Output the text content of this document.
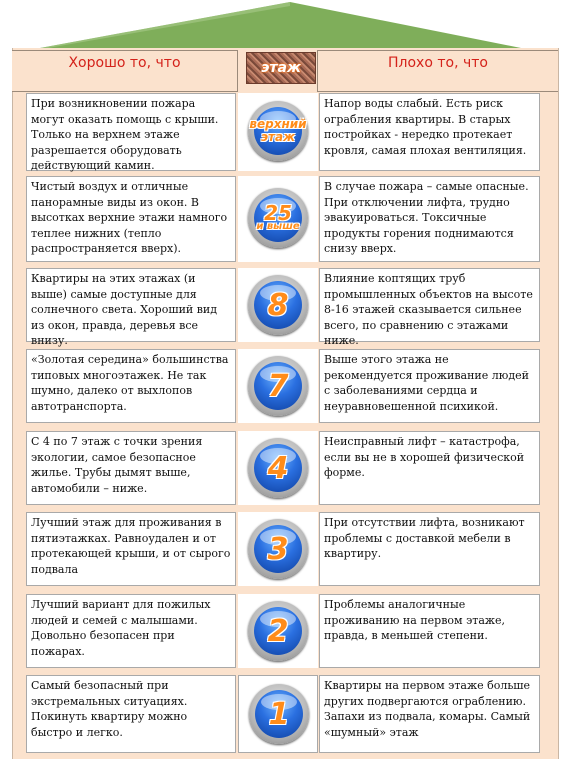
Хорошо то, что	этаж	Плохо то, что
При возникновении пожара могут оказать помощь с крыши. Только на верхнем этаже разрешается оборудовать действующий камин.
верхний
этаж
Напор воды слабый. Есть риск ограбления квартиры. В старых постройках - нередко протекает кровля, самая плохая вентиляция.
Чистый воздух и отличные панорамные виды из окон. В высотках верхние этажи намного теплее нижних (тепло распространяется вверх).
25
и выше
В случае пожара – самые опасные. При отключении лифта, трудно эвакуироваться. Токсичные продукты горения поднимаются снизу вверх.
Квартиры на этих этажах (и выше) самые доступные для солнечного света. Хороший вид из окон, правда, деревья все внизу.
8
Влияние коптящих труб промышленных объектов на высоте 8-16 этажей сказывается сильнее всего, по сравнению с этажами ниже.
«Золотая середина» большинства типовых многоэтажек. Не так шумно, далеко от выхлопов автотранспорта.
7
Выше этого этажа не рекомендуется проживание людей с заболеваниями сердца и неуравновешенной психикой.
С 4 по 7 этаж с точки зрения экологии, самое безопасное жилье. Трубы дымят выше, автомобили – ниже.
4
Неисправный лифт – катастрофа, если вы не в хорошей физической форме.
Лучший этаж для проживания в пятиэтажках. Равноудален и от протекающей крыши, и от сырого подвала
3
При отсутствии лифта, возникают проблемы с доставкой мебели в квартиру.
Лучший вариант для пожилых людей и семей с малышами. Довольно безопасен при пожарах.
2
Проблемы аналогичные проживанию на первом этаже, правда, в меньшей степени.
Самый безопасный при экстремальных ситуациях. Покинуть квартиру можно быстро и легко.
1
Квартиры на первом этаже больше других подвергаются ограблению. Запахи из подвала, комары. Самый «шумный» этаж
